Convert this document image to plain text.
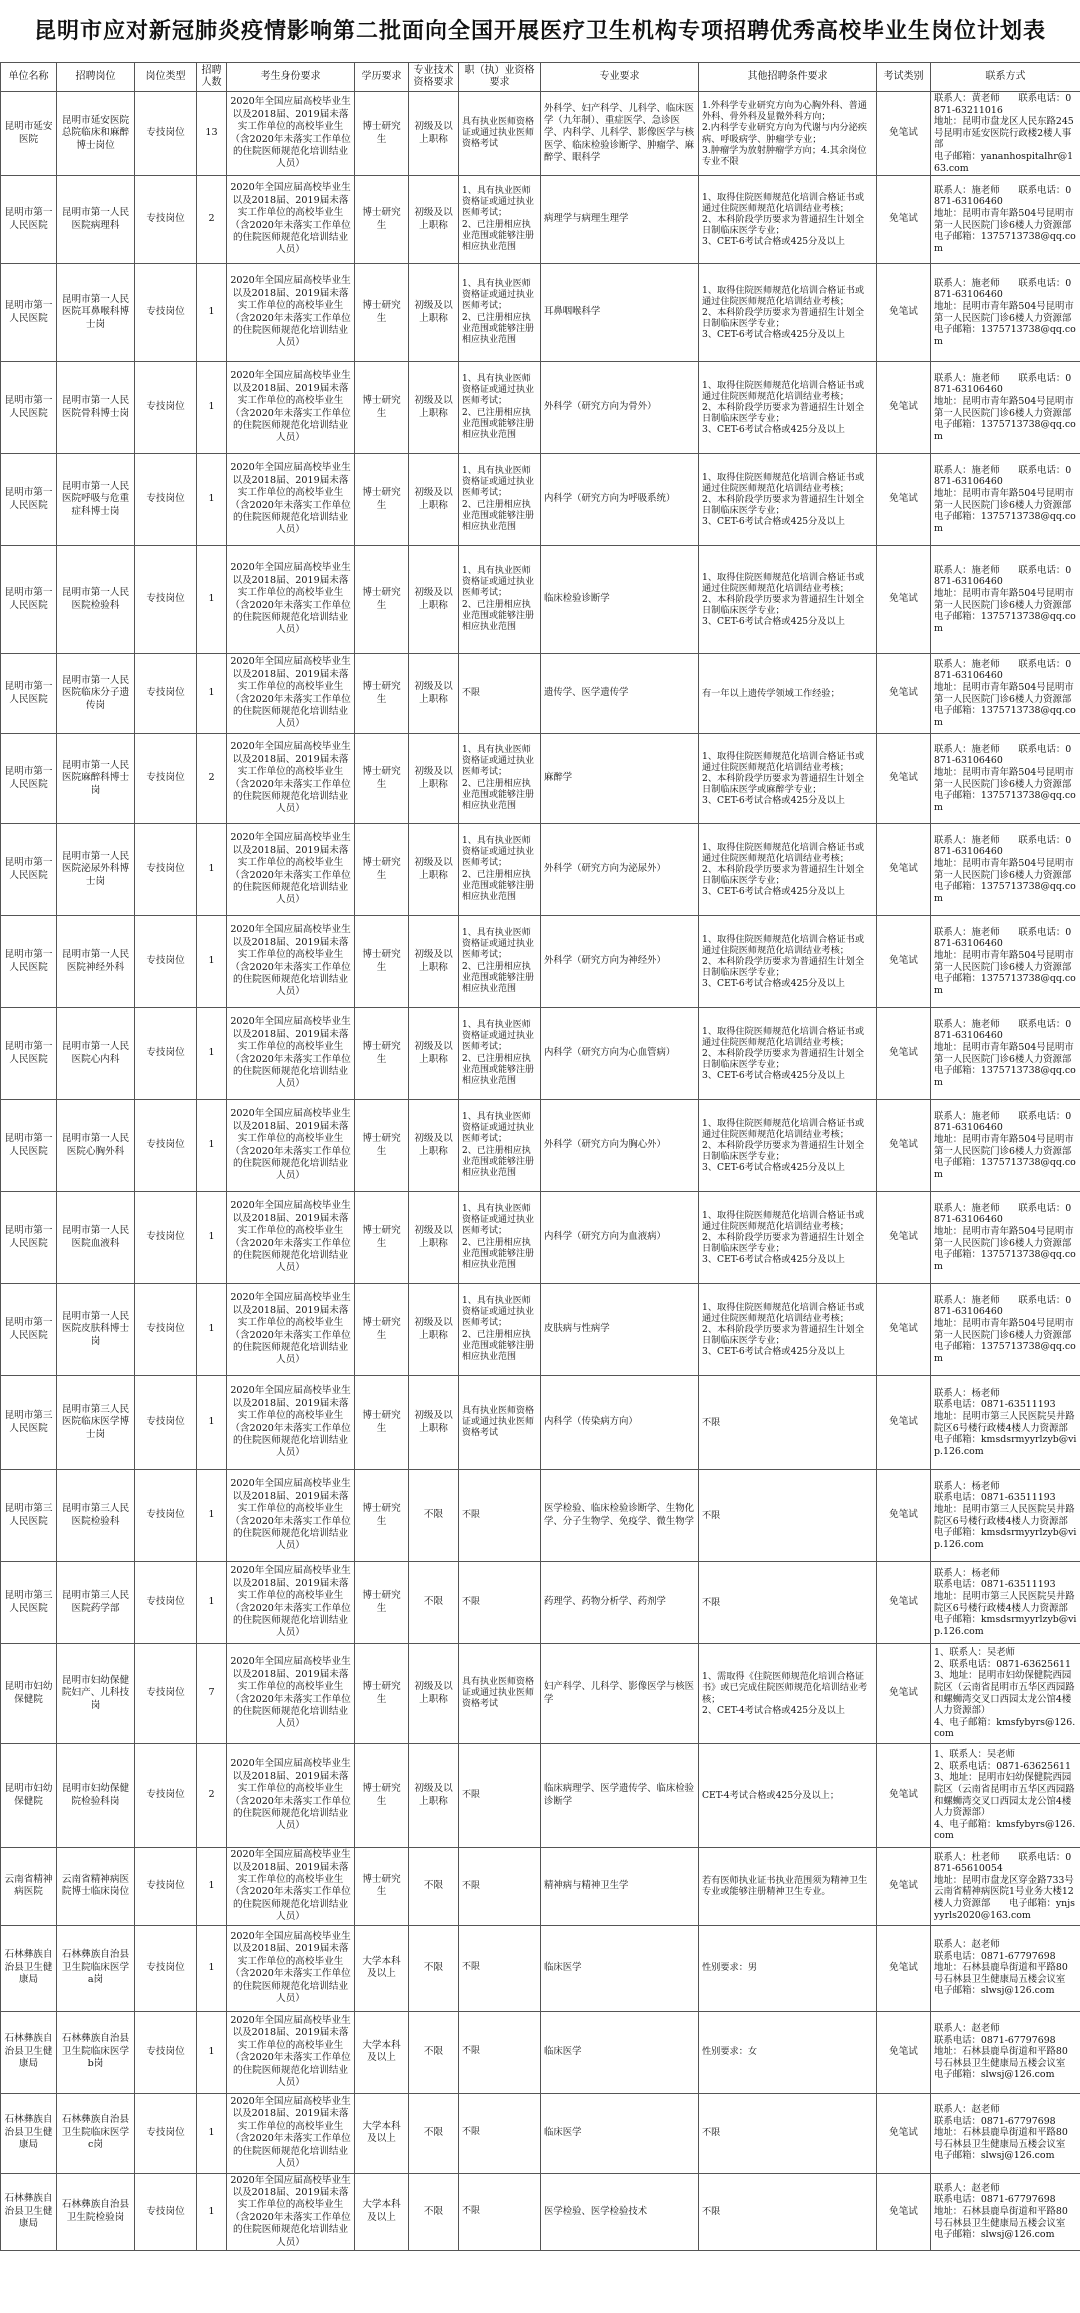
昆明市应对新冠肺炎疫情影响第二批面向全国开展医疗卫生机构专项招聘优秀高校毕业生岗位计划表
单位名称	招聘岗位	岗位类型	招聘人数	考生身份要求	学历要求	专业技术资格要求	职（执）业资格要求	专业要求	其他招聘条件要求	考试类别	联系方式
昆明市延安医院	昆明市延安医院总院临床和麻醉博士岗位	专技岗位	13	2020年全国应届高校毕业生以及2018届、2019届未落实工作单位的高校毕业生（含2020年未落实工作单位的住院医师规范化培训结业人员）	博士研究生	初级及以上职称	具有执业医师资格证或通过执业医师资格考试	外科学、妇产科学、儿科学、临床医学（九年制）、重症医学、急诊医学、内科学、儿科学、影像医学与核医学、临床检验诊断学、肿瘤学、麻醉学、眼科学	1.外科学专业研究方向为心胸外科、普通外科、骨外科及显微外科方向；
2.内科学专业研究方向为代谢与内分泌疾病、呼吸病学、肿瘤学专业；
3.肿瘤学为放射肿瘤学方向；4.其余岗位专业不限	免笔试	联系人：黄老师　　联系电话：0871-63211016
地址：昆明市盘龙区人民东路245号昆明市延安医院行政楼2楼人事部
电子邮箱：yananhospitalhr@163.com
昆明市第一人民医院	昆明市第一人民医院病理科	专技岗位	2	2020年全国应届高校毕业生以及2018届、2019届未落实工作单位的高校毕业生（含2020年未落实工作单位的住院医师规范化培训结业人员）	博士研究生	初级及以上职称	1、具有执业医师资格证或通过执业医师考试；
2、已注册相应执业范围或能够注册相应执业范围	病理学与病理生理学	1、取得住院医师规范化培训合格证书或通过住院医师规范化培训结业考核；
2、本科阶段学历要求为普通招生计划全日制临床医学专业；
3、CET-6考试合格或425分及以上	免笔试	联系人：施老师　　联系电话：0871-63106460
地址：昆明市青年路504号昆明市第一人民医院门诊6楼人力资源部
电子邮箱：1375713738@qq.com
昆明市第一人民医院	昆明市第一人民医院耳鼻喉科博士岗	专技岗位	1	2020年全国应届高校毕业生以及2018届、2019届未落实工作单位的高校毕业生（含2020年未落实工作单位的住院医师规范化培训结业人员）	博士研究生	初级及以上职称	1、具有执业医师资格证或通过执业医师考试；
2、已注册相应执业范围或能够注册相应执业范围	耳鼻咽喉科学	1、取得住院医师规范化培训合格证书或通过住院医师规范化培训结业考核；
2、本科阶段学历要求为普通招生计划全日制临床医学专业；
3、CET-6考试合格或425分及以上	免笔试	联系人：施老师　　联系电话：0871-63106460
地址：昆明市青年路504号昆明市第一人民医院门诊6楼人力资源部
电子邮箱：1375713738@qq.com
昆明市第一人民医院	昆明市第一人民医院骨科博士岗	专技岗位	1	2020年全国应届高校毕业生以及2018届、2019届未落实工作单位的高校毕业生（含2020年未落实工作单位的住院医师规范化培训结业人员）	博士研究生	初级及以上职称	1、具有执业医师资格证或通过执业医师考试；
2、已注册相应执业范围或能够注册相应执业范围	外科学（研究方向为骨外）	1、取得住院医师规范化培训合格证书或通过住院医师规范化培训结业考核；
2、本科阶段学历要求为普通招生计划全日制临床医学专业；
3、CET-6考试合格或425分及以上	免笔试	联系人：施老师　　联系电话：0871-63106460
地址：昆明市青年路504号昆明市第一人民医院门诊6楼人力资源部
电子邮箱：1375713738@qq.com
昆明市第一人民医院	昆明市第一人民医院呼吸与危重症科博士岗	专技岗位	1	2020年全国应届高校毕业生以及2018届、2019届未落实工作单位的高校毕业生（含2020年未落实工作单位的住院医师规范化培训结业人员）	博士研究生	初级及以上职称	1、具有执业医师资格证或通过执业医师考试；
2、已注册相应执业范围或能够注册相应执业范围	内科学（研究方向为呼吸系统）	1、取得住院医师规范化培训合格证书或通过住院医师规范化培训结业考核；
2、本科阶段学历要求为普通招生计划全日制临床医学专业；
3、CET-6考试合格或425分及以上	免笔试	联系人：施老师　　联系电话：0871-63106460
地址：昆明市青年路504号昆明市第一人民医院门诊6楼人力资源部
电子邮箱：1375713738@qq.com
昆明市第一人民医院	昆明市第一人民医院检验科	专技岗位	1	2020年全国应届高校毕业生以及2018届、2019届未落实工作单位的高校毕业生（含2020年未落实工作单位的住院医师规范化培训结业人员）	博士研究生	初级及以上职称	1、具有执业医师资格证或通过执业医师考试；
2、已注册相应执业范围或能够注册相应执业范围	临床检验诊断学	1、取得住院医师规范化培训合格证书或通过住院医师规范化培训结业考核；
2、本科阶段学历要求为普通招生计划全日制临床医学专业；
3、CET-6考试合格或425分及以上	免笔试	联系人：施老师　　联系电话：0871-63106460
地址：昆明市青年路504号昆明市第一人民医院门诊6楼人力资源部
电子邮箱：1375713738@qq.com
昆明市第一人民医院	昆明市第一人民医院临床分子遗传岗	专技岗位	1	2020年全国应届高校毕业生以及2018届、2019届未落实工作单位的高校毕业生（含2020年未落实工作单位的住院医师规范化培训结业人员）	博士研究生	初级及以上职称	不限	遗传学、医学遗传学	有一年以上遗传学领域工作经验；	免笔试	联系人：施老师　　联系电话：0871-63106460
地址：昆明市青年路504号昆明市第一人民医院门诊6楼人力资源部
电子邮箱：1375713738@qq.com
昆明市第一人民医院	昆明市第一人民医院麻醉科博士岗	专技岗位	2	2020年全国应届高校毕业生以及2018届、2019届未落实工作单位的高校毕业生（含2020年未落实工作单位的住院医师规范化培训结业人员）	博士研究生	初级及以上职称	1、具有执业医师资格证或通过执业医师考试；
2、已注册相应执业范围或能够注册相应执业范围	麻醉学	1、取得住院医师规范化培训合格证书或通过住院医师规范化培训结业考核；
2、本科阶段学历要求为普通招生计划全日制临床医学或麻醉学专业；
3、CET-6考试合格或425分及以上	免笔试	联系人：施老师　　联系电话：0871-63106460
地址：昆明市青年路504号昆明市第一人民医院门诊6楼人力资源部
电子邮箱：1375713738@qq.com
昆明市第一人民医院	昆明市第一人民医院泌尿外科博士岗	专技岗位	1	2020年全国应届高校毕业生以及2018届、2019届未落实工作单位的高校毕业生（含2020年未落实工作单位的住院医师规范化培训结业人员）	博士研究生	初级及以上职称	1、具有执业医师资格证或通过执业医师考试；
2、已注册相应执业范围或能够注册相应执业范围	外科学（研究方向为泌尿外）	1、取得住院医师规范化培训合格证书或通过住院医师规范化培训结业考核；
2、本科阶段学历要求为普通招生计划全日制临床医学专业；
3、CET-6考试合格或425分及以上	免笔试	联系人：施老师　　联系电话：0871-63106460
地址：昆明市青年路504号昆明市第一人民医院门诊6楼人力资源部
电子邮箱：1375713738@qq.com
昆明市第一人民医院	昆明市第一人民医院神经外科	专技岗位	1	2020年全国应届高校毕业生以及2018届、2019届未落实工作单位的高校毕业生（含2020年未落实工作单位的住院医师规范化培训结业人员）	博士研究生	初级及以上职称	1、具有执业医师资格证或通过执业医师考试；
2、已注册相应执业范围或能够注册相应执业范围	外科学（研究方向为神经外）	1、取得住院医师规范化培训合格证书或通过住院医师规范化培训结业考核；
2、本科阶段学历要求为普通招生计划全日制临床医学专业；
3、CET-6考试合格或425分及以上	免笔试	联系人：施老师　　联系电话：0871-63106460
地址：昆明市青年路504号昆明市第一人民医院门诊6楼人力资源部
电子邮箱：1375713738@qq.com
昆明市第一人民医院	昆明市第一人民医院心内科	专技岗位	1	2020年全国应届高校毕业生以及2018届、2019届未落实工作单位的高校毕业生（含2020年未落实工作单位的住院医师规范化培训结业人员）	博士研究生	初级及以上职称	1、具有执业医师资格证或通过执业医师考试；
2、已注册相应执业范围或能够注册相应执业范围	内科学（研究方向为心血管病）	1、取得住院医师规范化培训合格证书或通过住院医师规范化培训结业考核；
2、本科阶段学历要求为普通招生计划全日制临床医学专业；
3、CET-6考试合格或425分及以上	免笔试	联系人：施老师　　联系电话：0871-63106460
地址：昆明市青年路504号昆明市第一人民医院门诊6楼人力资源部
电子邮箱：1375713738@qq.com
昆明市第一人民医院	昆明市第一人民医院心胸外科	专技岗位	1	2020年全国应届高校毕业生以及2018届、2019届未落实工作单位的高校毕业生（含2020年未落实工作单位的住院医师规范化培训结业人员）	博士研究生	初级及以上职称	1、具有执业医师资格证或通过执业医师考试；
2、已注册相应执业范围或能够注册相应执业范围	外科学（研究方向为胸心外）	1、取得住院医师规范化培训合格证书或通过住院医师规范化培训结业考核；
2、本科阶段学历要求为普通招生计划全日制临床医学专业；
3、CET-6考试合格或425分及以上	免笔试	联系人：施老师　　联系电话：0871-63106460
地址：昆明市青年路504号昆明市第一人民医院门诊6楼人力资源部
电子邮箱：1375713738@qq.com
昆明市第一人民医院	昆明市第一人民医院血液科	专技岗位	1	2020年全国应届高校毕业生以及2018届、2019届未落实工作单位的高校毕业生（含2020年未落实工作单位的住院医师规范化培训结业人员）	博士研究生	初级及以上职称	1、具有执业医师资格证或通过执业医师考试；
2、已注册相应执业范围或能够注册相应执业范围	内科学（研究方向为血液病）	1、取得住院医师规范化培训合格证书或通过住院医师规范化培训结业考核；
2、本科阶段学历要求为普通招生计划全日制临床医学专业；
3、CET-6考试合格或425分及以上	免笔试	联系人：施老师　　联系电话：0871-63106460
地址：昆明市青年路504号昆明市第一人民医院门诊6楼人力资源部
电子邮箱：1375713738@qq.com
昆明市第一人民医院	昆明市第一人民医院皮肤科博士岗	专技岗位	1	2020年全国应届高校毕业生以及2018届、2019届未落实工作单位的高校毕业生（含2020年未落实工作单位的住院医师规范化培训结业人员）	博士研究生	初级及以上职称	1、具有执业医师资格证或通过执业医师考试；
2、已注册相应执业范围或能够注册相应执业范围	皮肤病与性病学	1、取得住院医师规范化培训合格证书或通过住院医师规范化培训结业考核；
2、本科阶段学历要求为普通招生计划全日制临床医学专业；
3、CET-6考试合格或425分及以上	免笔试	联系人：施老师　　联系电话：0871-63106460
地址：昆明市青年路504号昆明市第一人民医院门诊6楼人力资源部
电子邮箱：1375713738@qq.com
昆明市第三人民医院	昆明市第三人民医院临床医学博士岗	专技岗位	1	2020年全国应届高校毕业生以及2018届、2019届未落实工作单位的高校毕业生（含2020年未落实工作单位的住院医师规范化培训结业人员）	博士研究生	初级及以上职称	具有执业医师资格证或通过执业医师资格考试	内科学（传染病方向）	不限	免笔试	联系人：杨老师
联系电话：0871-63511193
地址：昆明市第三人民医院吴井路院区6号楼行政楼4楼人力资源部
电子邮箱：kmsdsrmyyrlzyb@vip.126.com
昆明市第三人民医院	昆明市第三人民医院检验科	专技岗位	1	2020年全国应届高校毕业生以及2018届、2019届未落实工作单位的高校毕业生（含2020年未落实工作单位的住院医师规范化培训结业人员）	博士研究生	不限	不限	医学检验、临床检验诊断学、生物化学、分子生物学、免疫学、微生物学	不限	免笔试	联系人：杨老师
联系电话：0871-63511193
地址：昆明市第三人民医院吴井路院区6号楼行政楼4楼人力资源部
电子邮箱：kmsdsrmyyrlzyb@vip.126.com
昆明市第三人民医院	昆明市第三人民医院药学部	专技岗位	1	2020年全国应届高校毕业生以及2018届、2019届未落实工作单位的高校毕业生（含2020年未落实工作单位的住院医师规范化培训结业人员）	博士研究生	不限	不限	药理学、药物分析学、药剂学	不限	免笔试	联系人：杨老师
联系电话：0871-63511193
地址：昆明市第三人民医院吴井路院区6号楼行政楼4楼人力资源部
电子邮箱：kmsdsrmyyrlzyb@vip.126.com
昆明市妇幼保健院	昆明市妇幼保健院妇产、儿科技岗	专技岗位	7	2020年全国应届高校毕业生以及2018届、2019届未落实工作单位的高校毕业生（含2020年未落实工作单位的住院医师规范化培训结业人员）	博士研究生	初级及以上职称	具有执业医师资格证或通过执业医师资格考试	妇产科学、儿科学、影像医学与核医学	1、需取得《住院医师规范化培训合格证书》或已完成住院医师规范化培训结业考核；
2、CET-4考试合格或425分及以上	免笔试	1、联系人：吴老师
2、联系电话：0871-63625611
3、地址：昆明市妇幼保健院西园院区（云南省昆明市五华区西园路和螺蛳湾交叉口西园太龙公馆4楼人力资源部）
4、电子邮箱：kmsfybyrs@126.com
昆明市妇幼保健院	昆明市妇幼保健院检验科岗	专技岗位	2	2020年全国应届高校毕业生以及2018届、2019届未落实工作单位的高校毕业生（含2020年未落实工作单位的住院医师规范化培训结业人员）	博士研究生	初级及以上职称	不限	临床病理学、医学遗传学、临床检验诊断学	CET-4考试合格或425分及以上；	免笔试	1、联系人：吴老师
2、联系电话：0871-63625611
3、地址：昆明市妇幼保健院西园院区（云南省昆明市五华区西园路和螺蛳湾交叉口西园太龙公馆4楼人力资源部）
4、电子邮箱：kmsfybyrs@126.com
云南省精神病医院	云南省精神病医院博士临床岗位	专技岗位	1	2020年全国应届高校毕业生以及2018届、2019届未落实工作单位的高校毕业生（含2020年未落实工作单位的住院医师规范化培训结业人员）	博士研究生	不限	不限	精神病与精神卫生学	若有医师执业证书执业范围须为精神卫生专业或能够注册精神卫生专业。	免笔试	联系人：杜老师　　联系电话：0871-65610054
地址：昆明市盘龙区穿金路733号云南省精神病医院1号业务大楼12楼人力资源部　　电子邮箱：ynjsyyrls2020@163.com
石林彝族自治县卫生健康局	石林彝族自治县卫生院临床医学a岗	专技岗位	1	2020年全国应届高校毕业生以及2018届、2019届未落实工作单位的高校毕业生（含2020年未落实工作单位的住院医师规范化培训结业人员）	大学本科及以上	不限	不限	临床医学	性别要求：男	免笔试	联系人：赵老师
联系电话：0871-67797698
地址：石林县鹿阜街道和平路80号石林县卫生健康局五楼会议室
电子邮箱：slwsj@126.com
石林彝族自治县卫生健康局	石林彝族自治县卫生院临床医学b岗	专技岗位	1	2020年全国应届高校毕业生以及2018届、2019届未落实工作单位的高校毕业生（含2020年未落实工作单位的住院医师规范化培训结业人员）	大学本科及以上	不限	不限	临床医学	性别要求：女	免笔试	联系人：赵老师
联系电话：0871-67797698
地址：石林县鹿阜街道和平路80号石林县卫生健康局五楼会议室
电子邮箱：slwsj@126.com
石林彝族自治县卫生健康局	石林彝族自治县卫生院临床医学c岗	专技岗位	1	2020年全国应届高校毕业生以及2018届、2019届未落实工作单位的高校毕业生（含2020年未落实工作单位的住院医师规范化培训结业人员）	大学本科及以上	不限	不限	临床医学	不限	免笔试	联系人：赵老师
联系电话：0871-67797698
地址：石林县鹿阜街道和平路80号石林县卫生健康局五楼会议室
电子邮箱：slwsj@126.com
石林彝族自治县卫生健康局	石林彝族自治县卫生院检验岗	专技岗位	1	2020年全国应届高校毕业生以及2018届、2019届未落实工作单位的高校毕业生（含2020年未落实工作单位的住院医师规范化培训结业人员）	大学本科及以上	不限	不限	医学检验、医学检验技术	不限	免笔试	联系人：赵老师
联系电话：0871-67797698
地址：石林县鹿阜街道和平路80号石林县卫生健康局五楼会议室
电子邮箱：slwsj@126.com
